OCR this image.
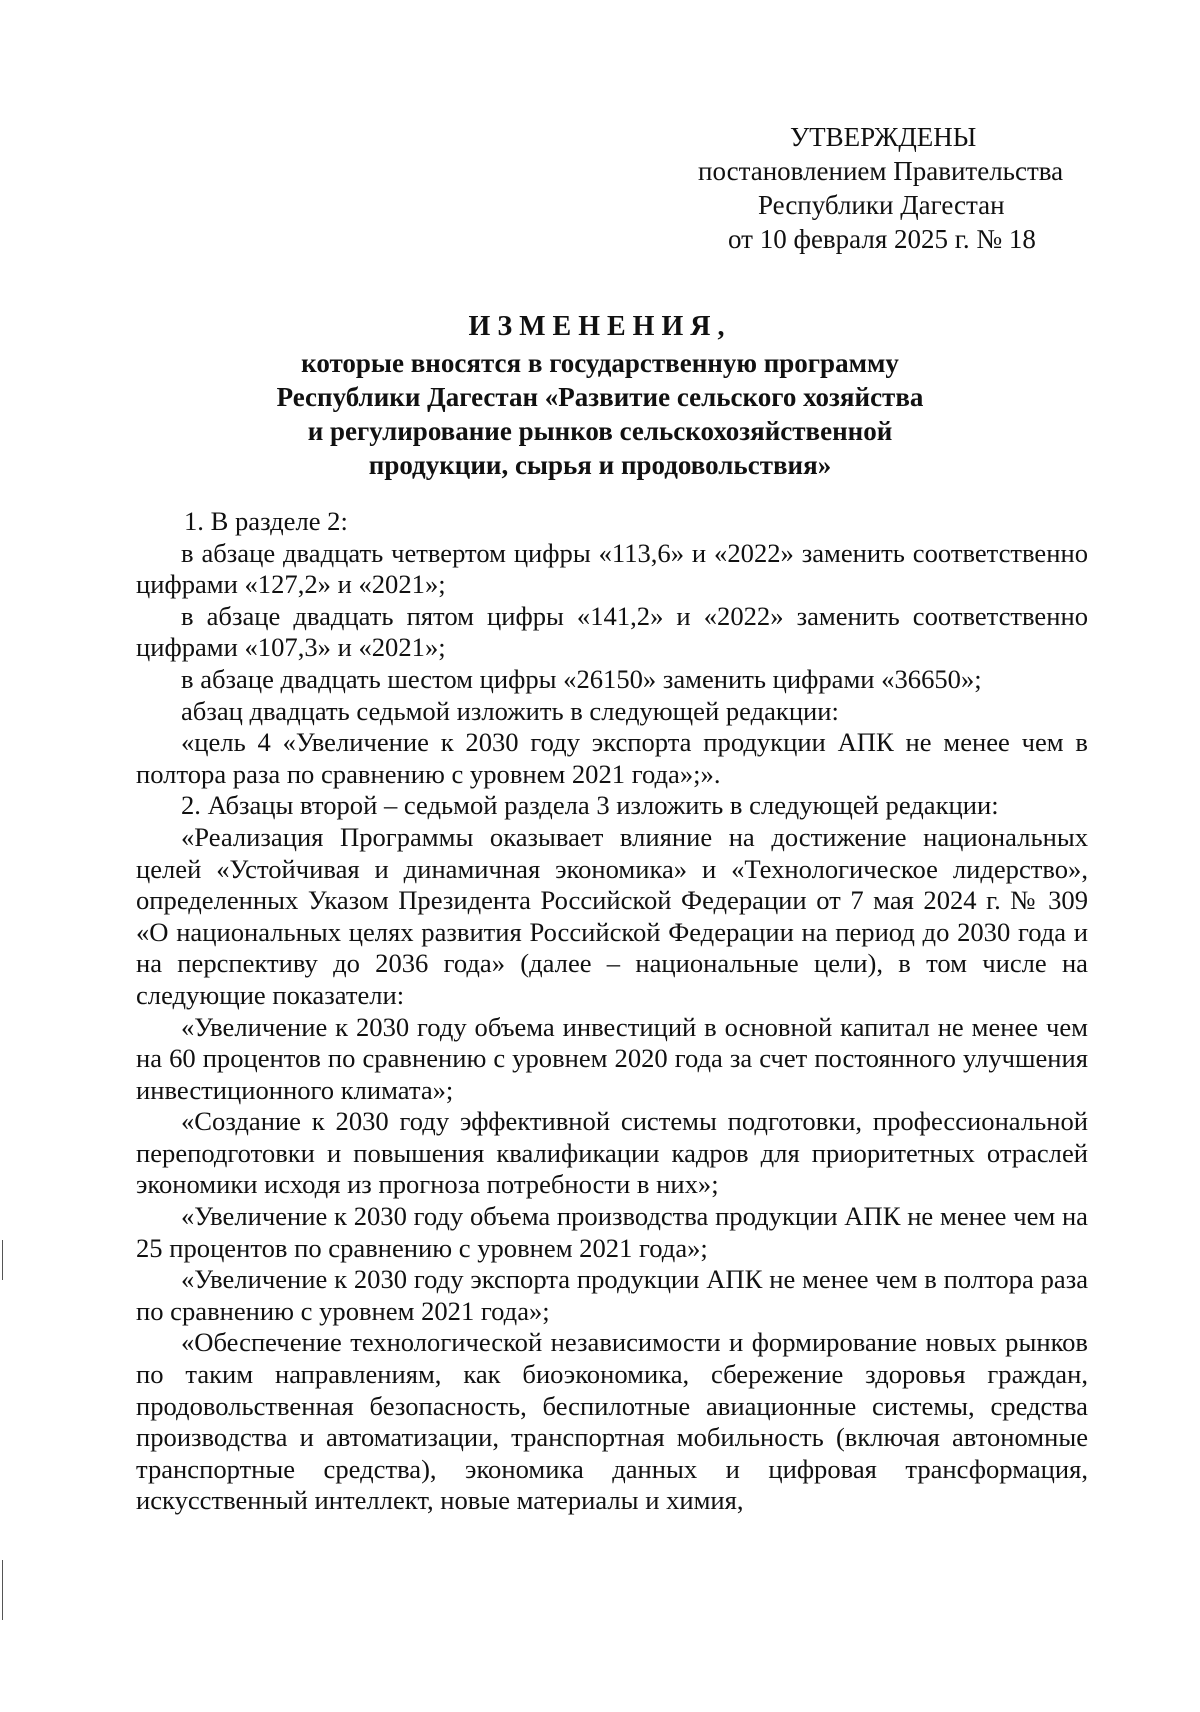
УТВЕРЖДЕНЫ
постановлением Правительства
Республики Дагестан
от 10 февраля 2025 г. № 18
ИЗМЕНЕНИЯ,
которые вносятся в государственную программу
Республики Дагестан «Развитие сельского хозяйства
и регулирование рынков сельскохозяйственной
продукции, сырья и продовольствия»

1. В разделе 2:

в абзаце двадцать четвертом цифры «113,6» и «2022» заменить соответственно цифрами «127,2» и «2021»;

в абзаце двадцать пятом цифры «141,2» и «2022» заменить соответственно цифрами «107,3» и «2021»;

в абзаце двадцать шестом цифры «26150» заменить цифрами «36650»;

абзац двадцать седьмой изложить в следующей редакции:

«цель 4 «Увеличение к 2030 году экспорта продукции АПК не менее чем в полтора раза по сравнению с уровнем 2021 года»;».

2. Абзацы второй – седьмой раздела 3 изложить в следующей редакции:

«Реализация Программы оказывает влияние на достижение национальных целей «Устойчивая и динамичная экономика» и «Технологическое лидерство», определенных Указом Президента Российской Федерации от 7 мая 2024 г. № 309 «О национальных целях развития Российской Федерации на период до 2030 года и на перспективу до 2036 года» (далее – национальные цели), в том числе на следующие показатели:

«Увеличение к 2030 году объема инвестиций в основной капитал не менее чем на 60 процентов по сравнению с уровнем 2020 года за счет постоянного улучшения инвестиционного климата»;

«Создание к 2030 году эффективной системы подготовки, профессиональной переподготовки и повышения квалификации кадров для приоритетных отраслей экономики исходя из прогноза потребности в них»;

«Увеличение к 2030 году объема производства продукции АПК не менее чем на 25 процентов по сравнению с уровнем 2021 года»;

«Увеличение к 2030 году экспорта продукции АПК не менее чем в полтора раза по сравнению с уровнем 2021 года»;

«Обеспечение технологической независимости и формирование новых рынков по таким направлениям, как биоэкономика, сбережение здоровья граждан, продовольственная безопасность, беспилотные авиационные системы, средства производства и автоматизации, транспортная мобильность (включая автономные транспортные средства), экономика данных и цифровая трансформация, искусственный интеллект, новые материалы и химия,
